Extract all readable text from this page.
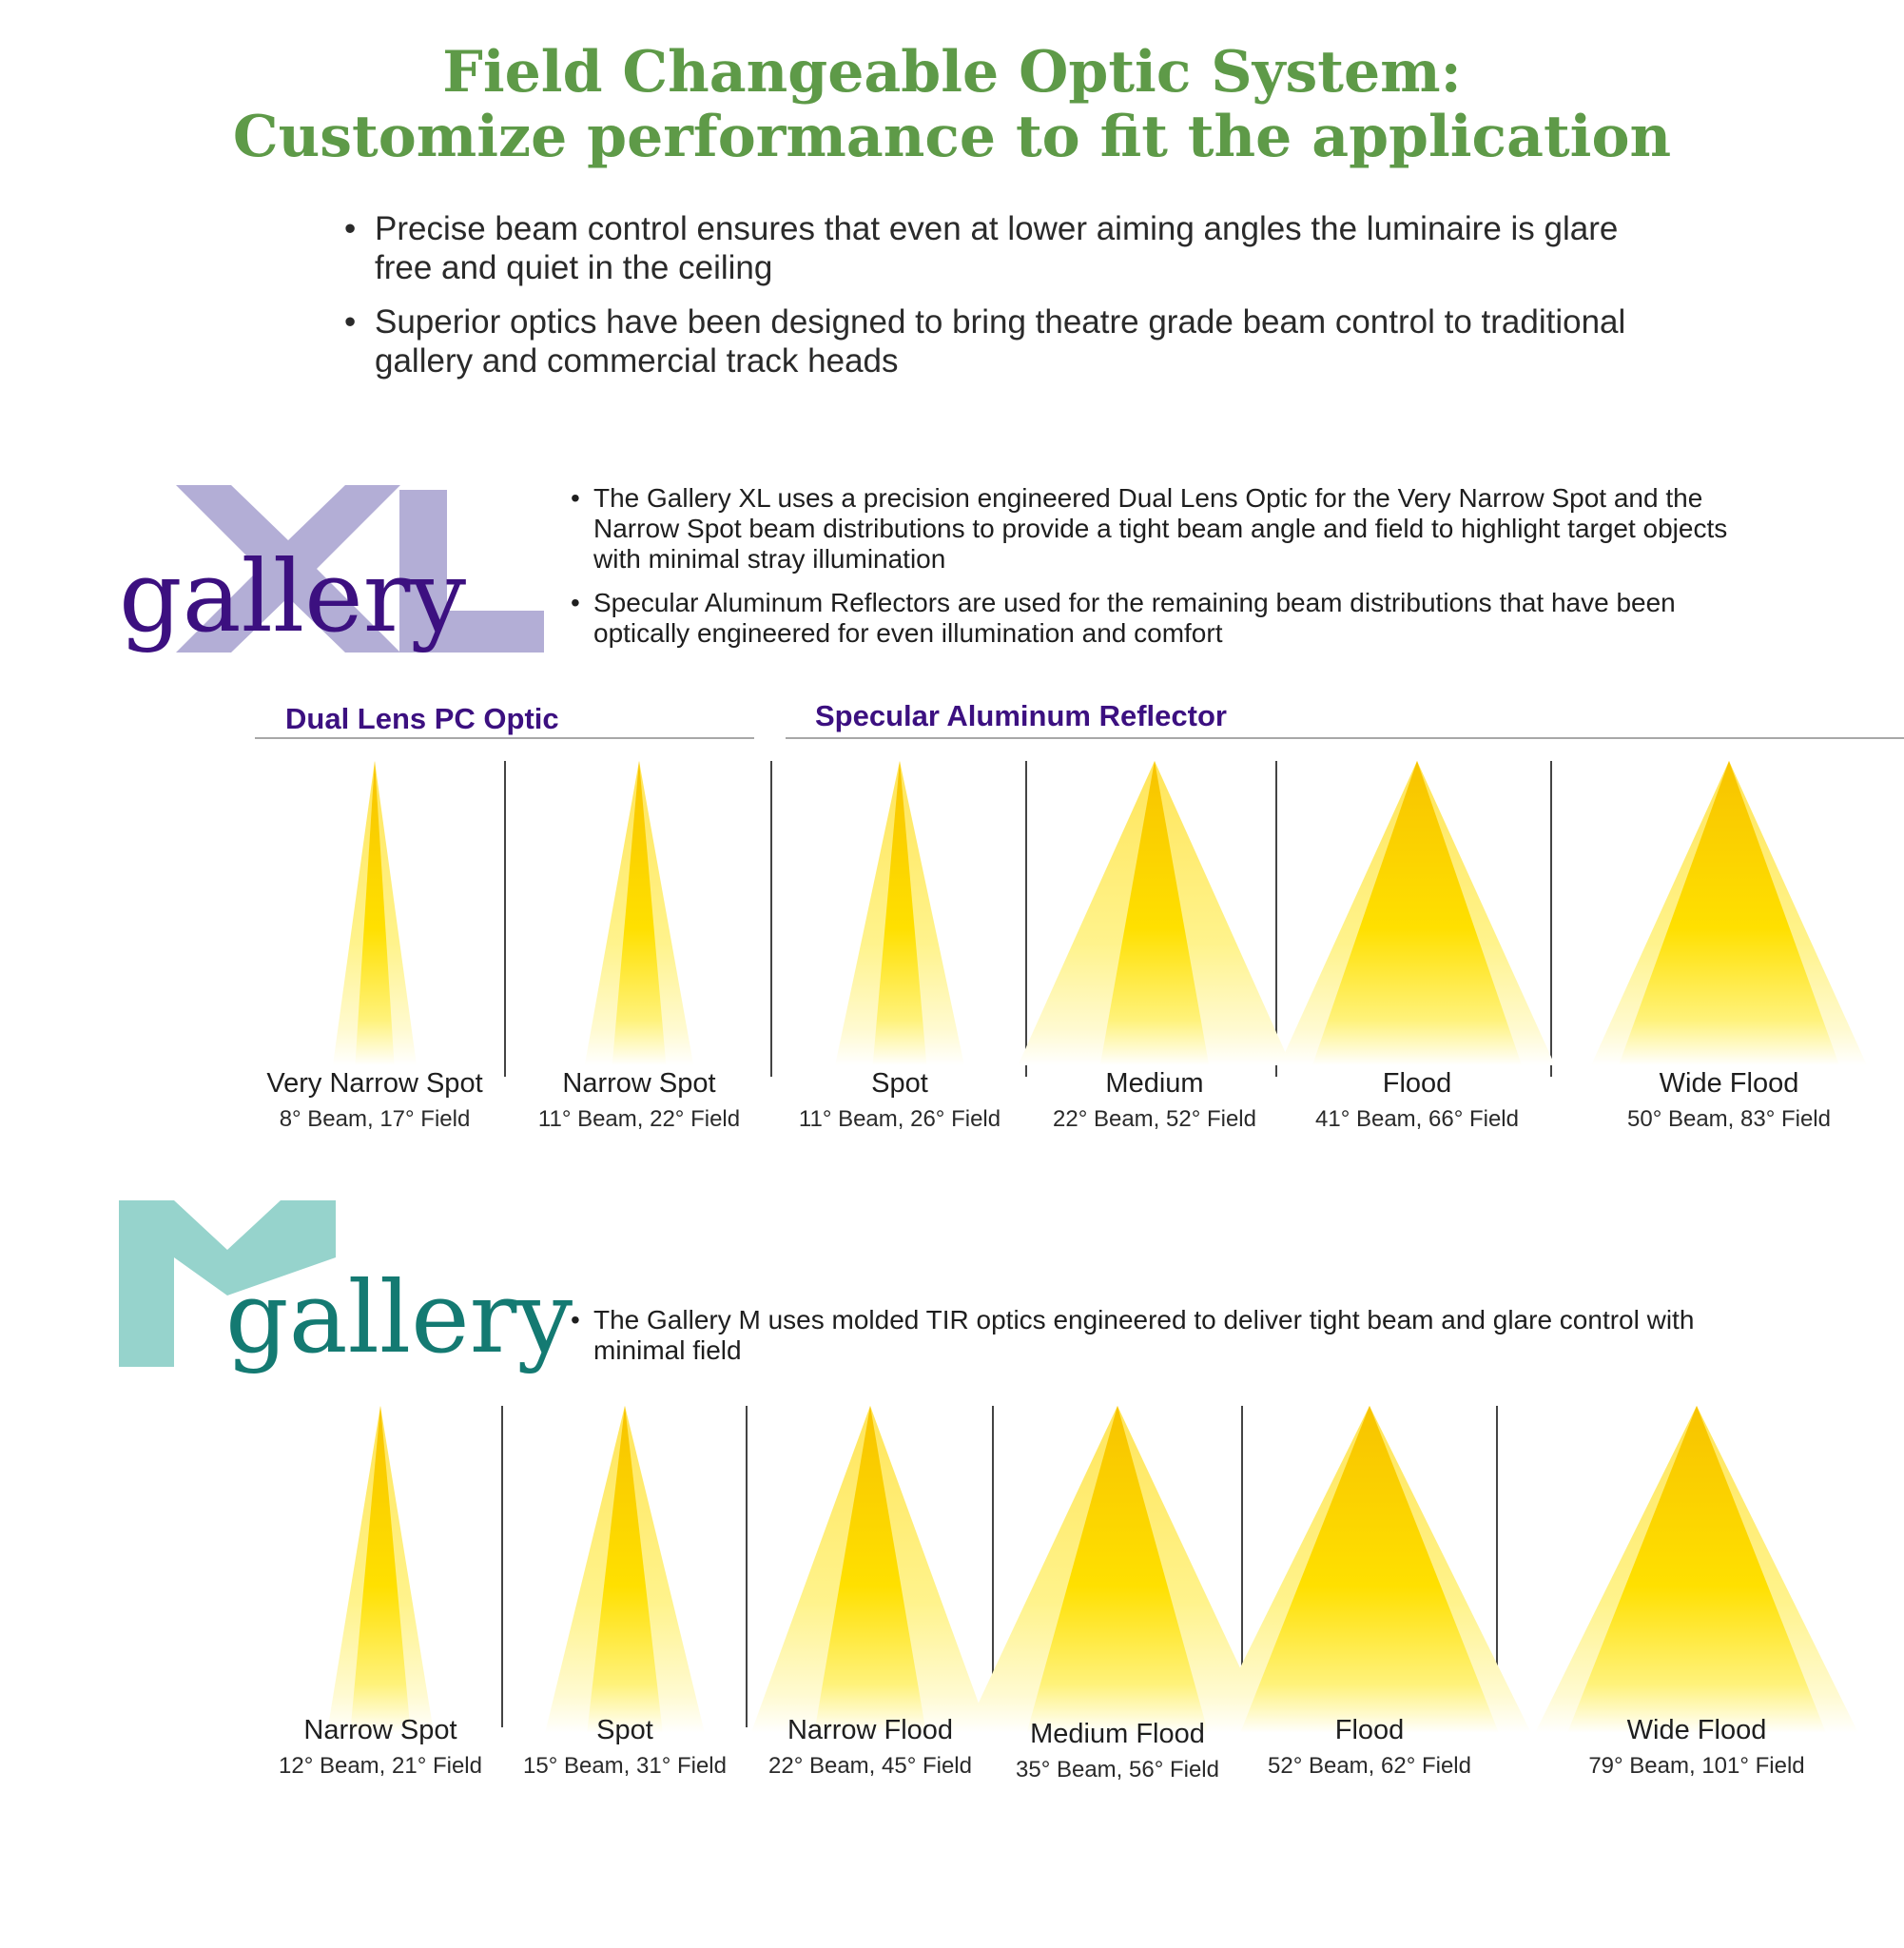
Field Changeable Optic System:
Customize performance to fit the application
• Precise beam control ensures that even at lower aiming angles the luminaire is glare free and quiet in the ceiling
• Superior optics have been designed to bring theatre grade beam control to traditional gallery and commercial track heads
gallery
• The Gallery XL uses a precision engineered Dual Lens Optic for the Very Narrow Spot and the Narrow Spot beam distributions to provide a tight beam angle and field to highlight target objects with minimal stray illumination
• Specular Aluminum Reflectors are used for the remaining beam distributions that have been optically engineered for even illumination and comfort
Dual Lens PC Optic	Specular Aluminum Reflector
gallery
• The Gallery M uses molded TIR optics engineered to deliver tight beam and glare control with minimal field
Very Narrow Spot
8° Beam, 17° Field
Narrow Spot
11° Beam, 22° Field
Spot
11° Beam, 26° Field
Medium
22° Beam, 52° Field
Flood
41° Beam, 66° Field
Wide Flood
50° Beam, 83° Field
Narrow Spot
12° Beam, 21° Field
Spot
15° Beam, 31° Field
Narrow Flood
22° Beam, 45° Field
Medium Flood
35° Beam, 56° Field
Flood
52° Beam, 62° Field
Wide Flood
79° Beam, 101° Field
